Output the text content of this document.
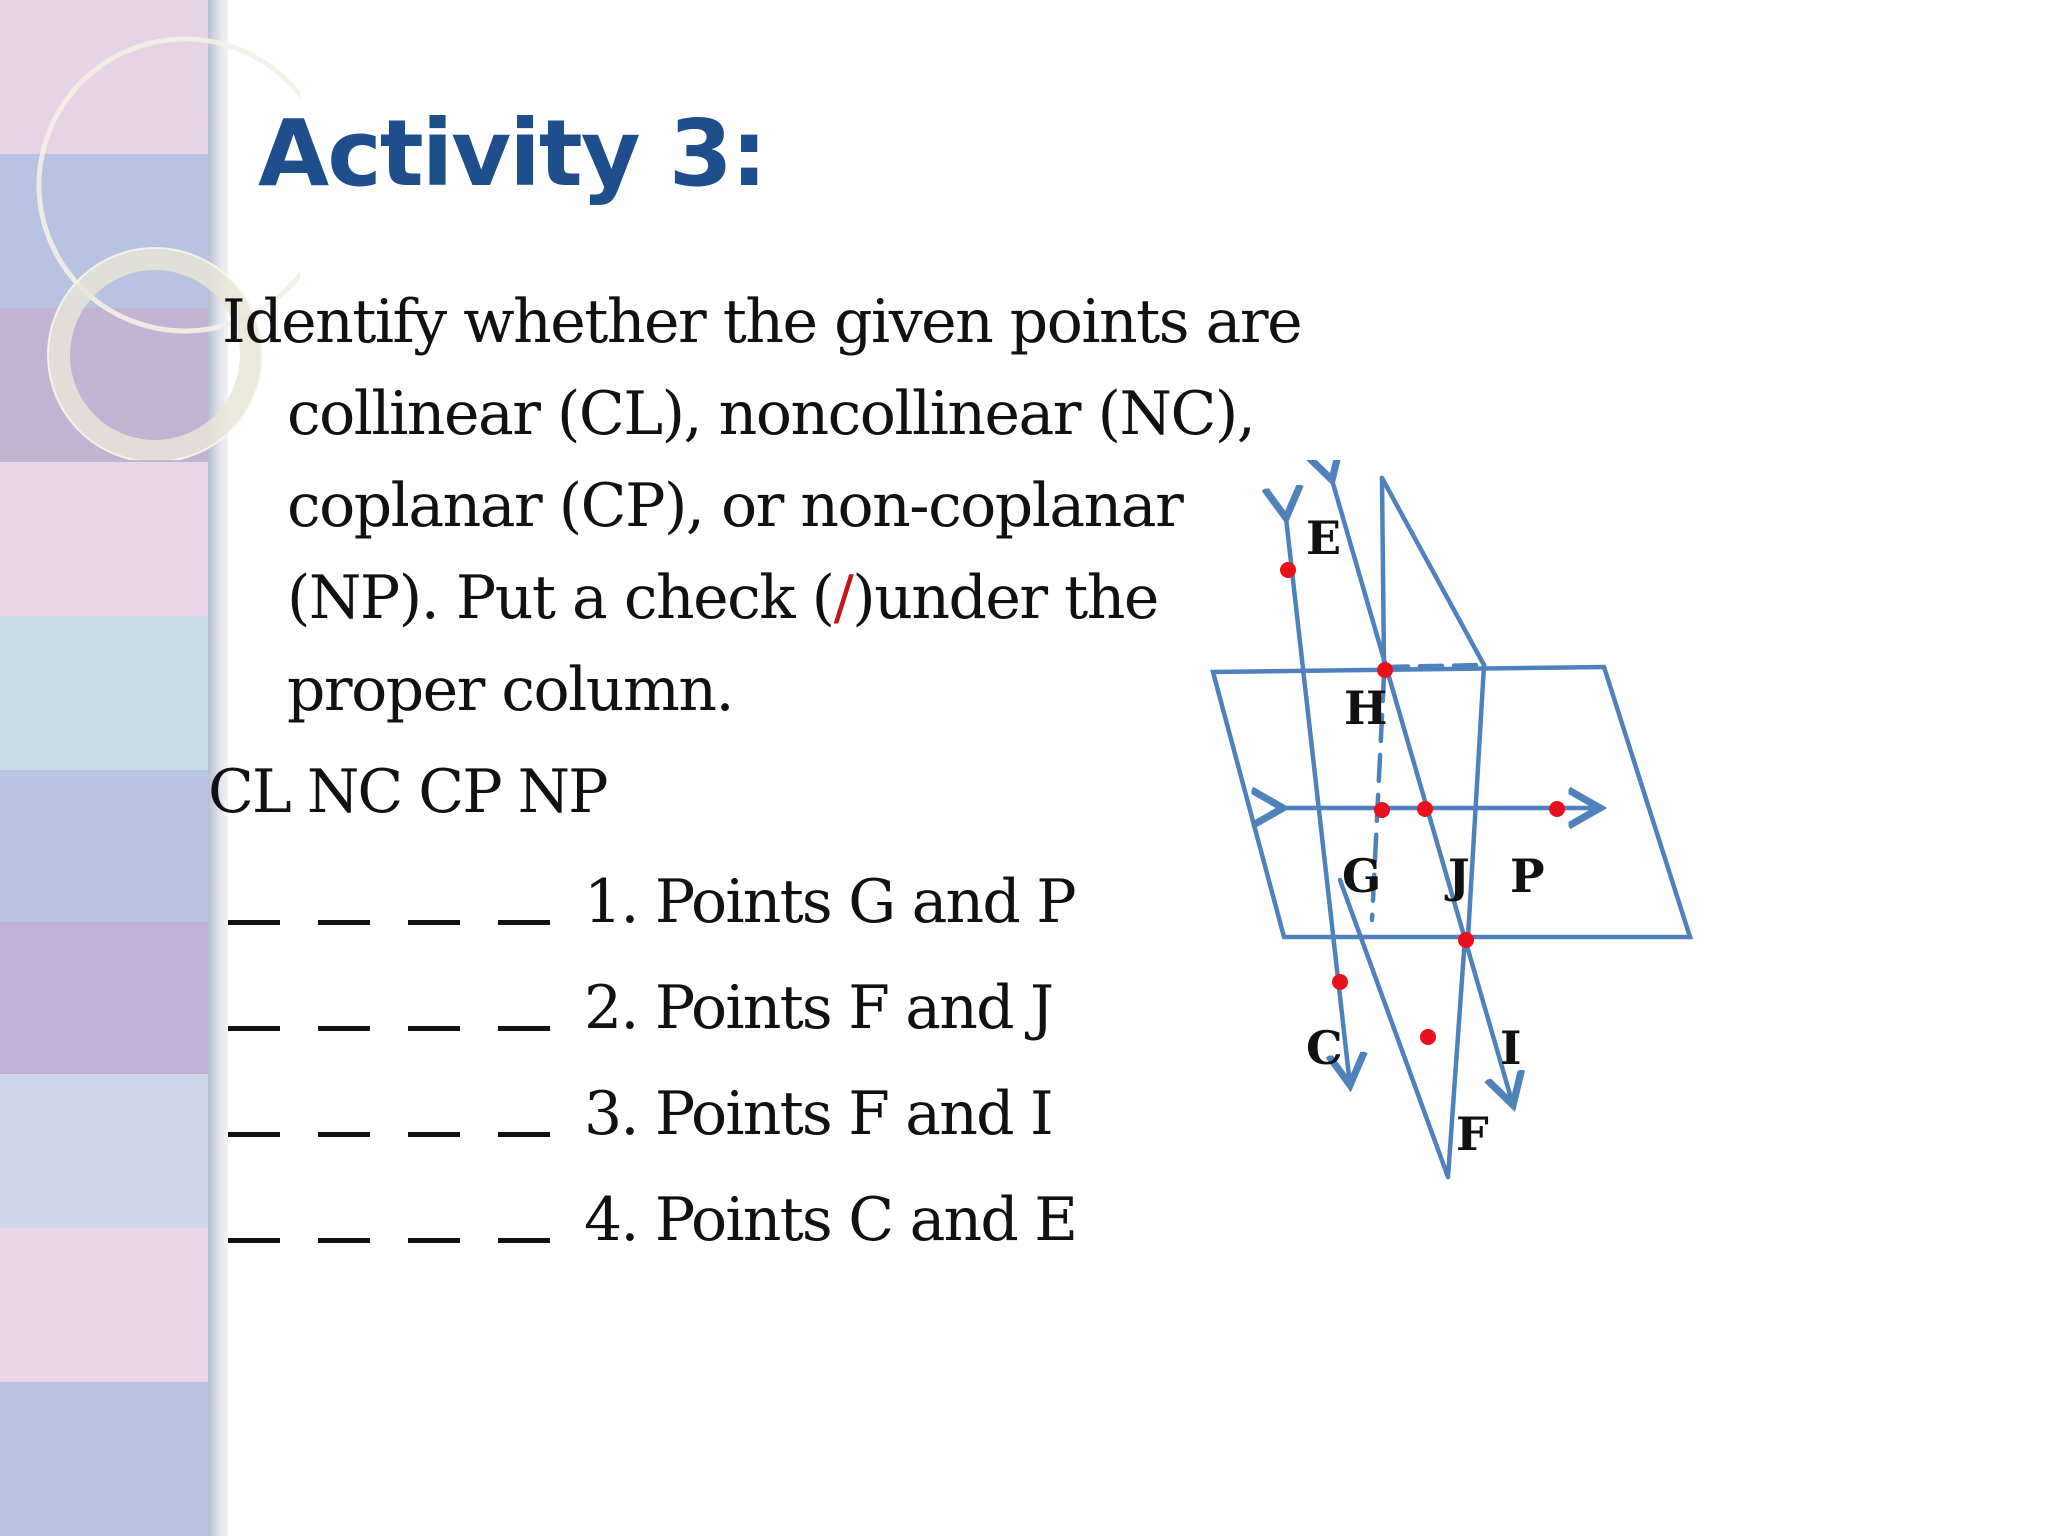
Activity 3:
Identify whether the given points are collinear (CL), noncollinear (NC), coplanar (CP), or non-coplanar (NP). Put a check (/)under the proper column.
CL NC CP NP
1. Points G and P
2. Points F and J
3. Points F and I
4. Points C and E
E
H
G J P
C	I
F
